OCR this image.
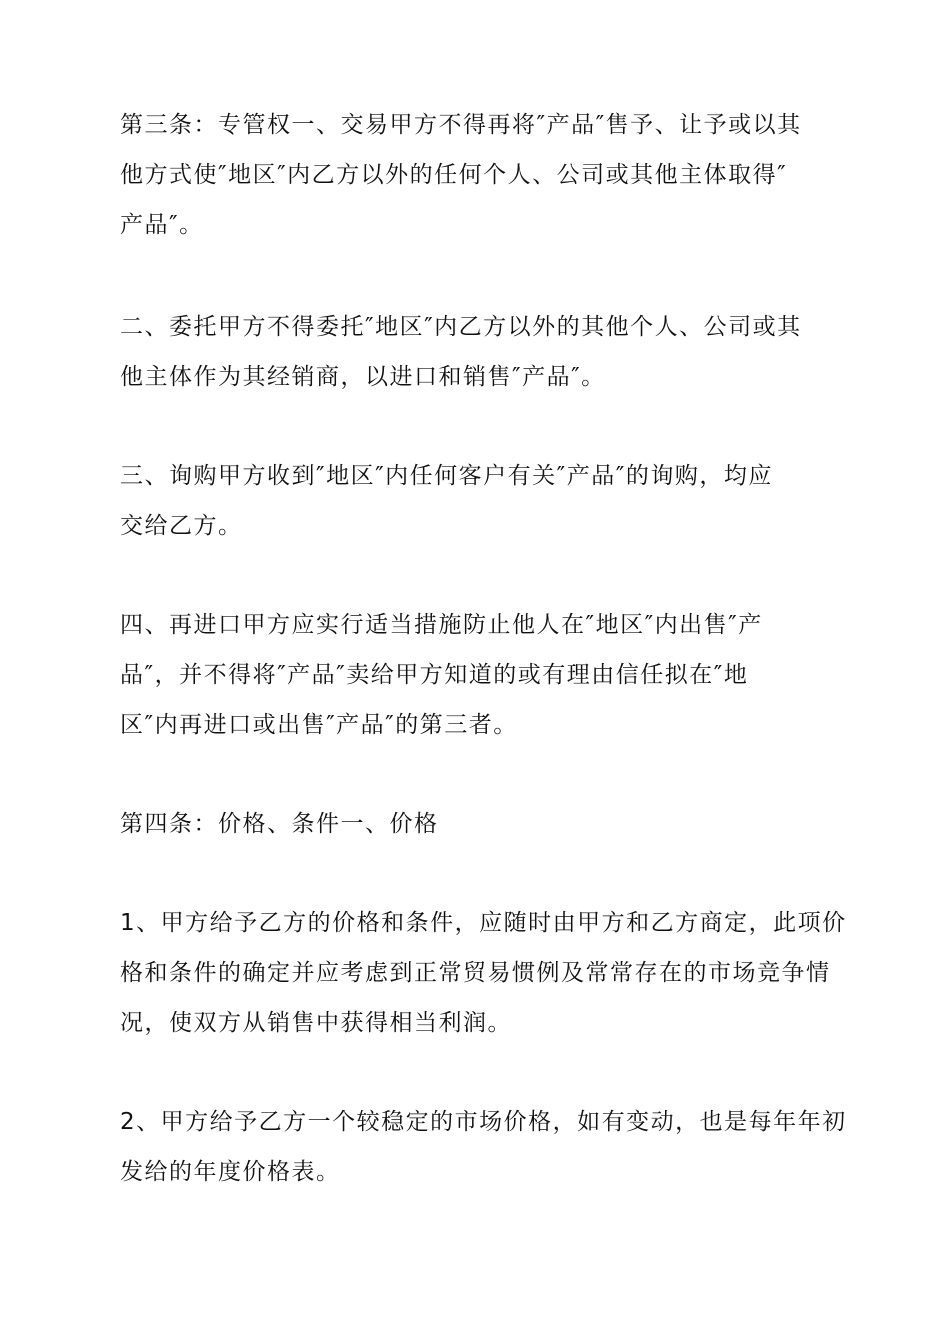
第三条：专管权一、交易甲方不得再将″产品″售予、让予或以其
他方式使″地区″内乙方以外的任何个人、公司或其他主体取得″
产品″。

二、委托甲方不得委托″地区″内乙方以外的其他个人、公司或其
他主体作为其经销商，以进口和销售″产品″。

三、询购甲方收到″地区″内任何客户有关″产品″的询购，均应
交给乙方。

四、再进口甲方应实行适当措施防止他人在″地区″内出售″产
品″，并不得将″产品″卖给甲方知道的或有理由信任拟在″地
区″内再进口或出售″产品″的第三者。

第四条：价格、条件一、价格

1、甲方给予乙方的价格和条件，应随时由甲方和乙方商定，此项价
格和条件的确定并应考虑到正常贸易惯例及常常存在的市场竞争情
况，使双方从销售中获得相当利润。

2、甲方给予乙方一个较稳定的市场价格，如有变动，也是每年年初
发给的年度价格表。
